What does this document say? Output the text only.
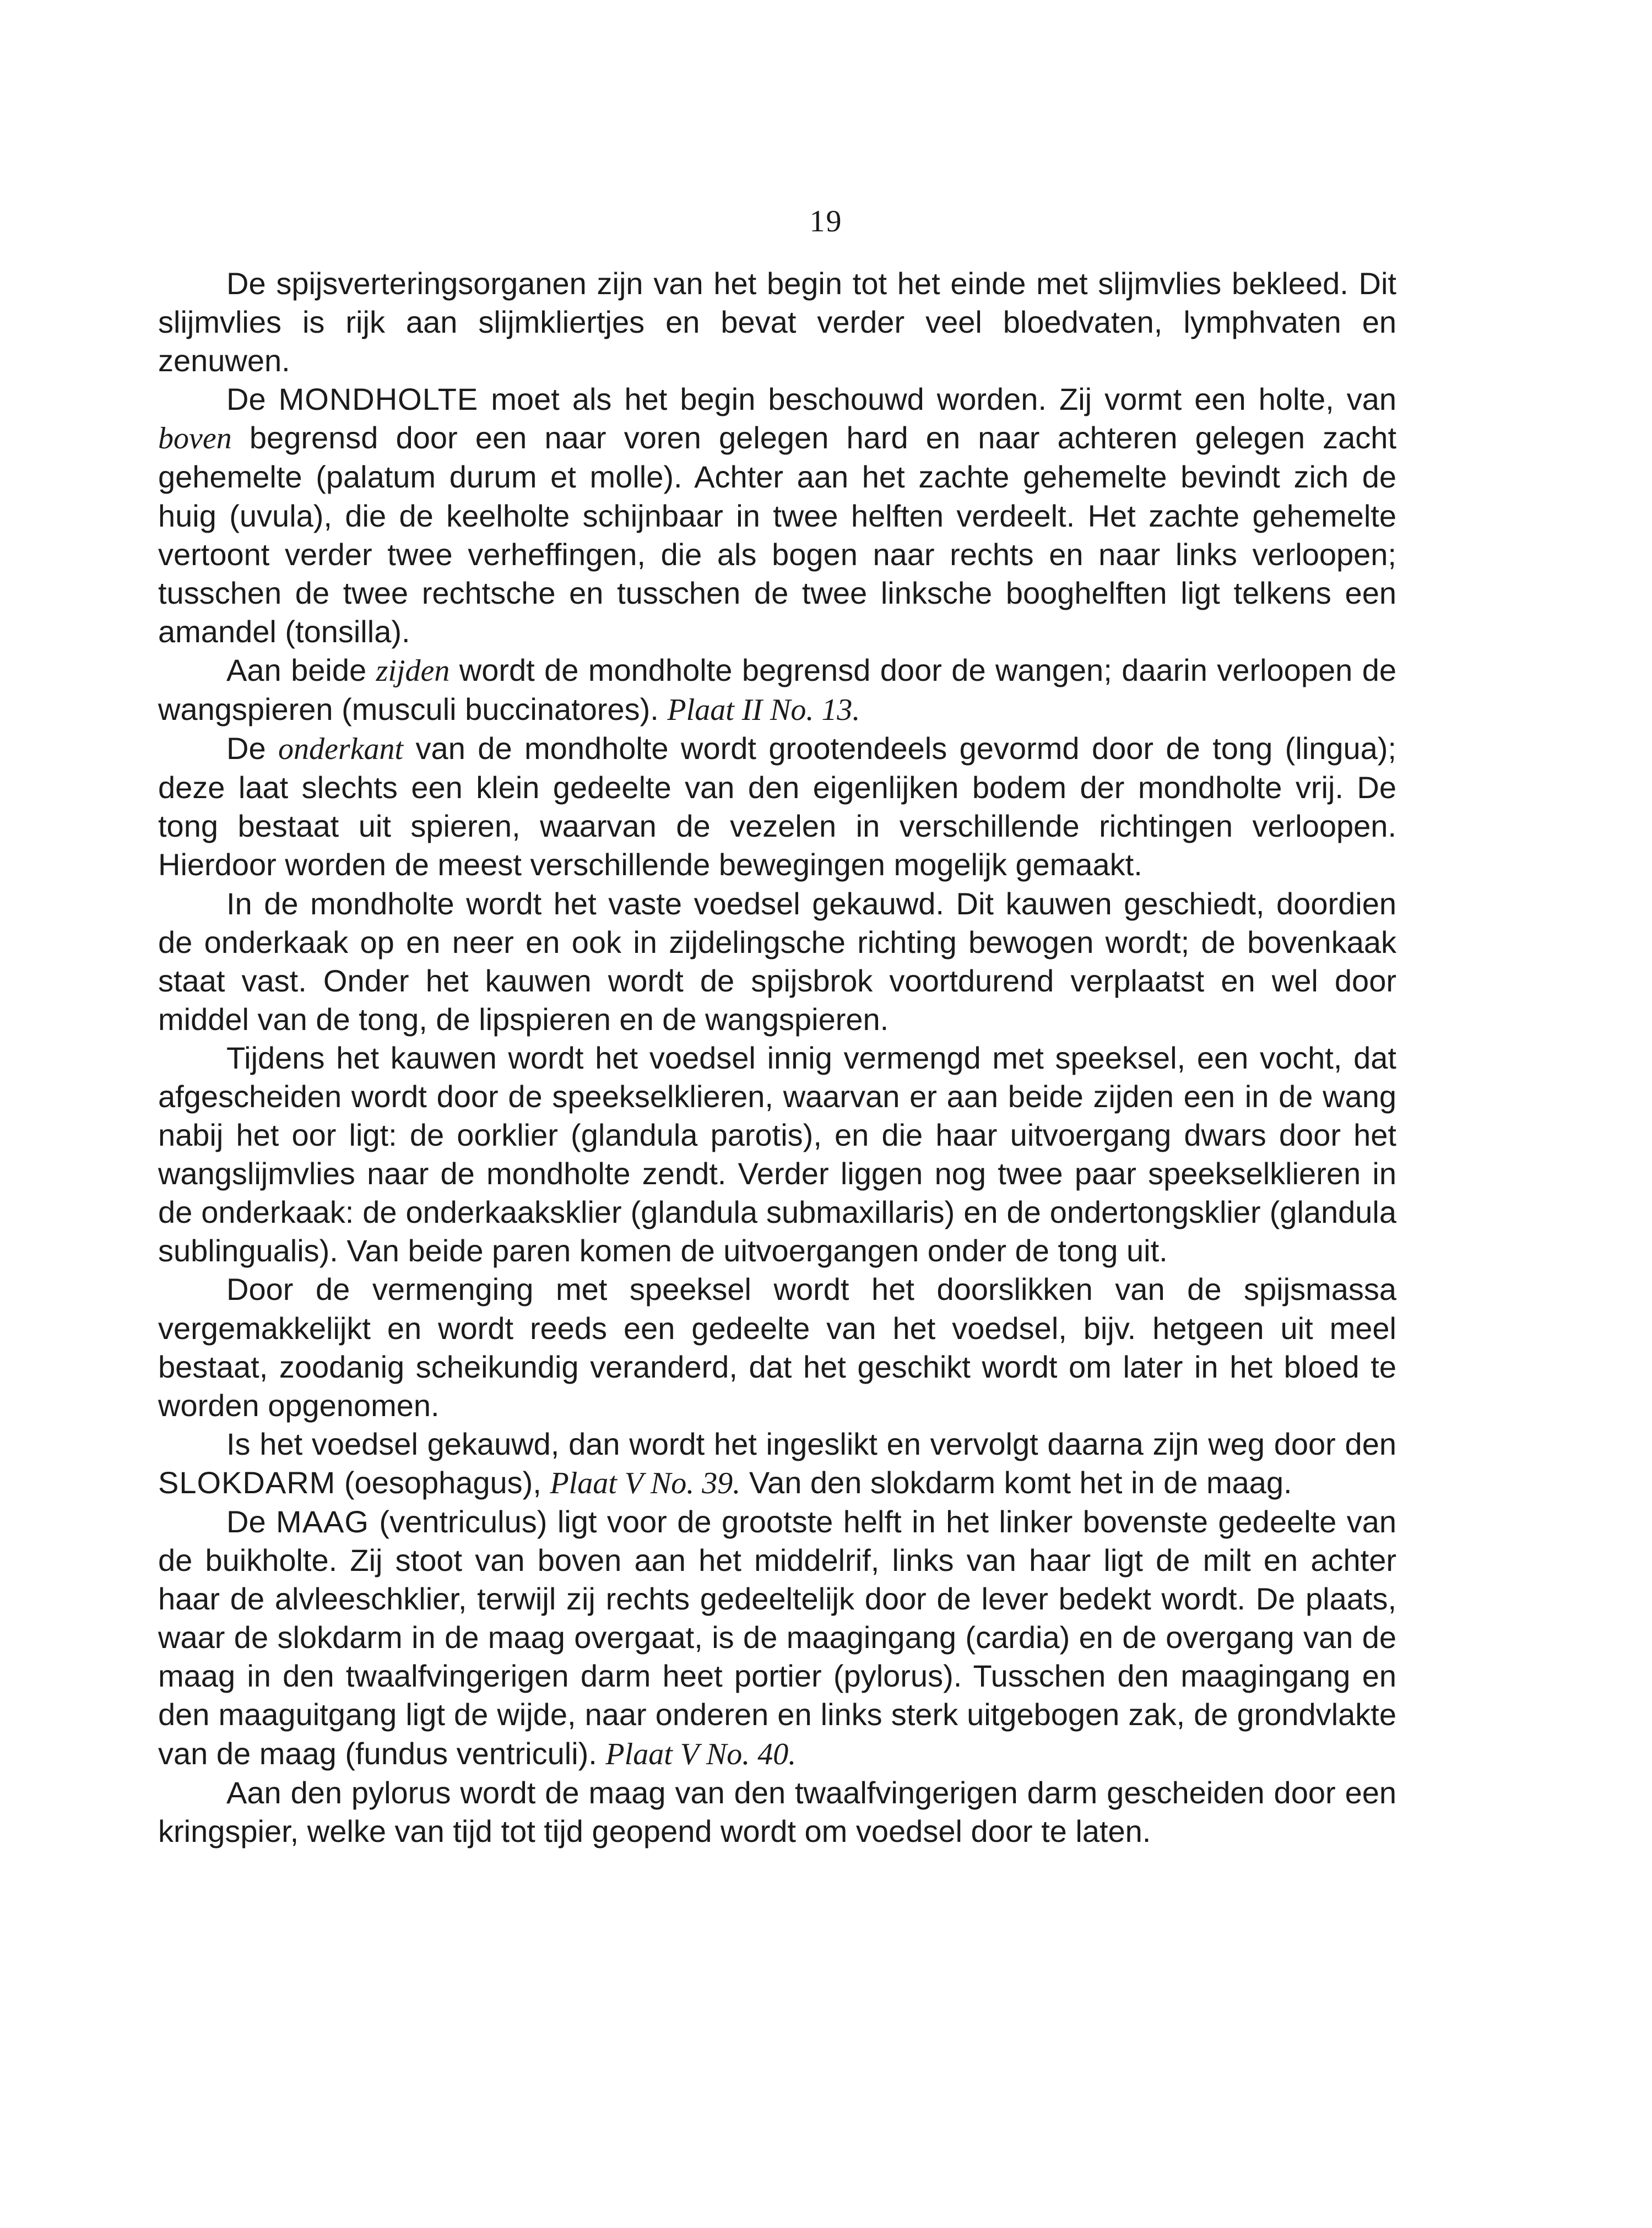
19

De spijsverteringsorganen zijn van het begin tot het einde met slijmvlies bekleed. Dit slijmvlies is rijk aan slijmkliertjes en bevat verder veel bloedvaten, lymphvaten en zenuwen.

De MONDHOLTE moet als het begin beschouwd worden. Zij vormt een holte, van boven begrensd door een naar voren gelegen hard en naar achteren gelegen zacht gehemelte (palatum durum et molle). Achter aan het zachte gehemelte bevindt zich de huig (uvula), die de keelholte schijnbaar in twee helften verdeelt. Het zachte gehemelte vertoont verder twee verheffingen, die als bogen naar rechts en naar links verloopen; tusschen de twee rechtsche en tusschen de twee linksche booghelften ligt telkens een amandel (tonsilla).

Aan beide zijden wordt de mondholte begrensd door de wangen; daarin verloopen de wangspieren (musculi buccinatores). Plaat II No. 13.

De onderkant van de mondholte wordt grootendeels gevormd door de tong (lingua); deze laat slechts een klein gedeelte van den eigenlijken bodem der mondholte vrij. De tong bestaat uit spieren, waarvan de vezelen in verschillende richtingen verloopen. Hierdoor worden de meest verschillende bewegingen mogelijk gemaakt.

In de mondholte wordt het vaste voedsel gekauwd. Dit kauwen geschiedt, doordien de onderkaak op en neer en ook in zijdelingsche richting bewogen wordt; de bovenkaak staat vast. Onder het kauwen wordt de spijsbrok voortdurend verplaatst en wel door middel van de tong, de lipspieren en de wangspieren.

Tijdens het kauwen wordt het voedsel innig vermengd met speeksel, een vocht, dat afgescheiden wordt door de speekselklieren, waarvan er aan beide zijden een in de wang nabij het oor ligt: de oorklier (glandula parotis), en die haar uitvoergang dwars door het wangslijmvlies naar de mondholte zendt. Verder liggen nog twee paar speekselklieren in de onderkaak: de onderkaaksklier (glandula submaxillaris) en de ondertongsklier (glandula sublingualis). Van beide paren komen de uitvoergangen onder de tong uit.

Door de vermenging met speeksel wordt het doorslikken van de spijsmassa vergemakkelijkt en wordt reeds een gedeelte van het voedsel, bijv. hetgeen uit meel bestaat, zoodanig scheikundig veranderd, dat het geschikt wordt om later in het bloed te worden opgenomen.

Is het voedsel gekauwd, dan wordt het ingeslikt en vervolgt daarna zijn weg door den SLOKDARM (oesophagus), Plaat V No. 39. Van den slokdarm komt het in de maag.

De MAAG (ventriculus) ligt voor de grootste helft in het linker bovenste gedeelte van de buikholte. Zij stoot van boven aan het middelrif, links van haar ligt de milt en achter haar de alvleeschklier, terwijl zij rechts gedeeltelijk door de lever bedekt wordt. De plaats, waar de slokdarm in de maag overgaat, is de maagingang (cardia) en de overgang van de maag in den twaalfvingerigen darm heet portier (pylorus). Tusschen den maagingang en den maaguitgang ligt de wijde, naar onderen en links sterk uitgebogen zak, de grondvlakte van de maag (fundus ventriculi). Plaat V No. 40.

Aan den pylorus wordt de maag van den twaalfvingerigen darm gescheiden door een kringspier, welke van tijd tot tijd geopend wordt om voedsel door te laten.
